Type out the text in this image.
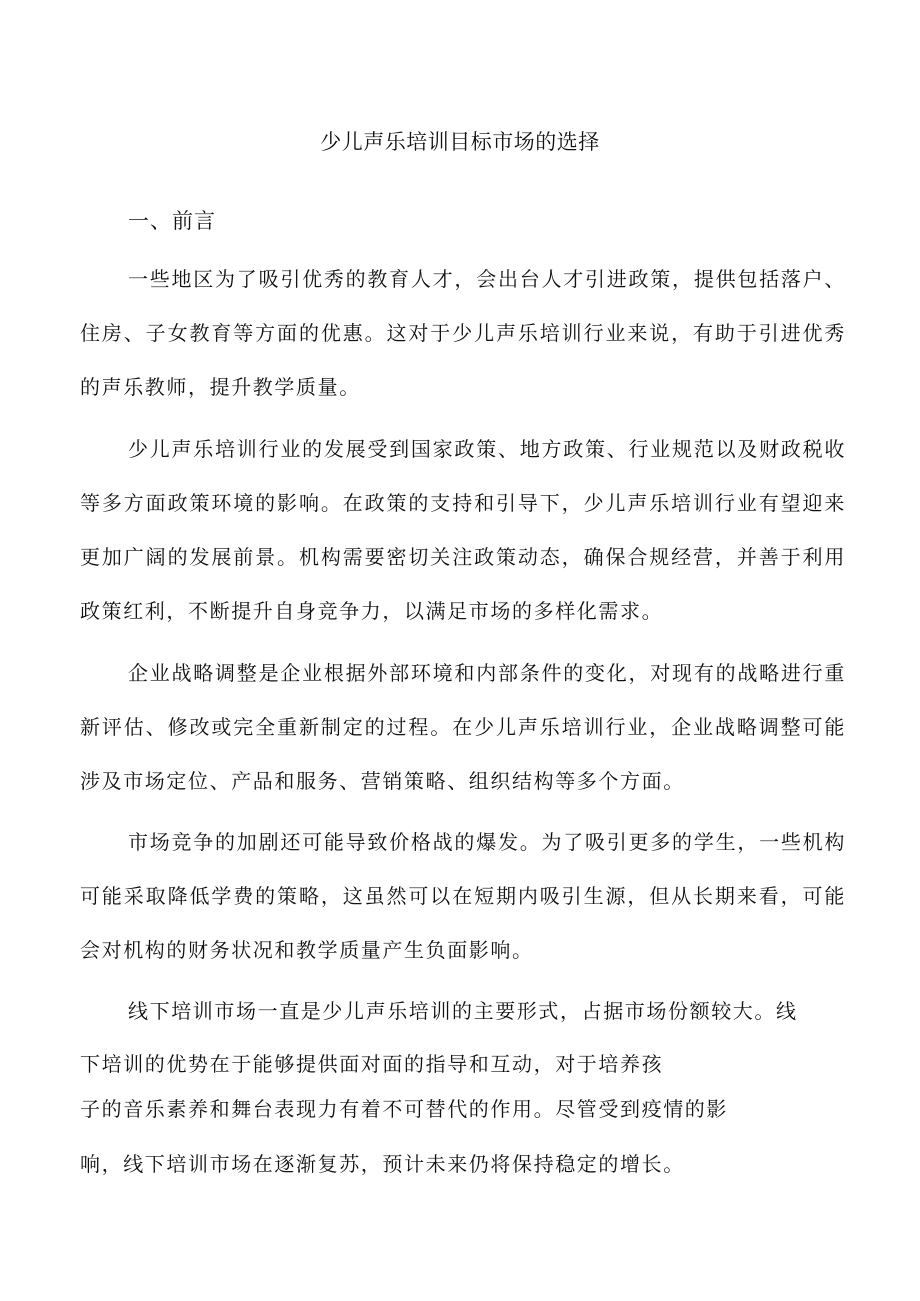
少儿声乐培训目标市场的选择
一、前言

一些地区为了吸引优秀的教育人才，会出台人才引进政策，提供包括落户、住房、子女教育等方面的优惠。这对于少儿声乐培训行业来说，有助于引进优秀的声乐教师，提升教学质量。

少儿声乐培训行业的发展受到国家政策、地方政策、行业规范以及财政税收等多方面政策环境的影响。在政策的支持和引导下，少儿声乐培训行业有望迎来更加广阔的发展前景。机构需要密切关注政策动态，确保合规经营，并善于利用政策红利，不断提升自身竞争力，以满足市场的多样化需求。

企业战略调整是企业根据外部环境和内部条件的变化，对现有的战略进行重新评估、修改或完全重新制定的过程。在少儿声乐培训行业，企业战略调整可能涉及市场定位、产品和服务、营销策略、组织结构等多个方面。

市场竞争的加剧还可能导致价格战的爆发。为了吸引更多的学生，一些机构可能采取降低学费的策略，这虽然可以在短期内吸引生源，但从长期来看，可能会对机构的财务状况和教学质量产生负面影响。

线下培训市场一直是少儿声乐培训的主要形式，占据市场份额较大。线

下培训的优势在于能够提供面对面的指导和互动，对于培养孩

子的音乐素养和舞台表现力有着不可替代的作用。尽管受到疫情的影

响，线下培训市场在逐渐复苏，预计未来仍将保持稳定的增长。
